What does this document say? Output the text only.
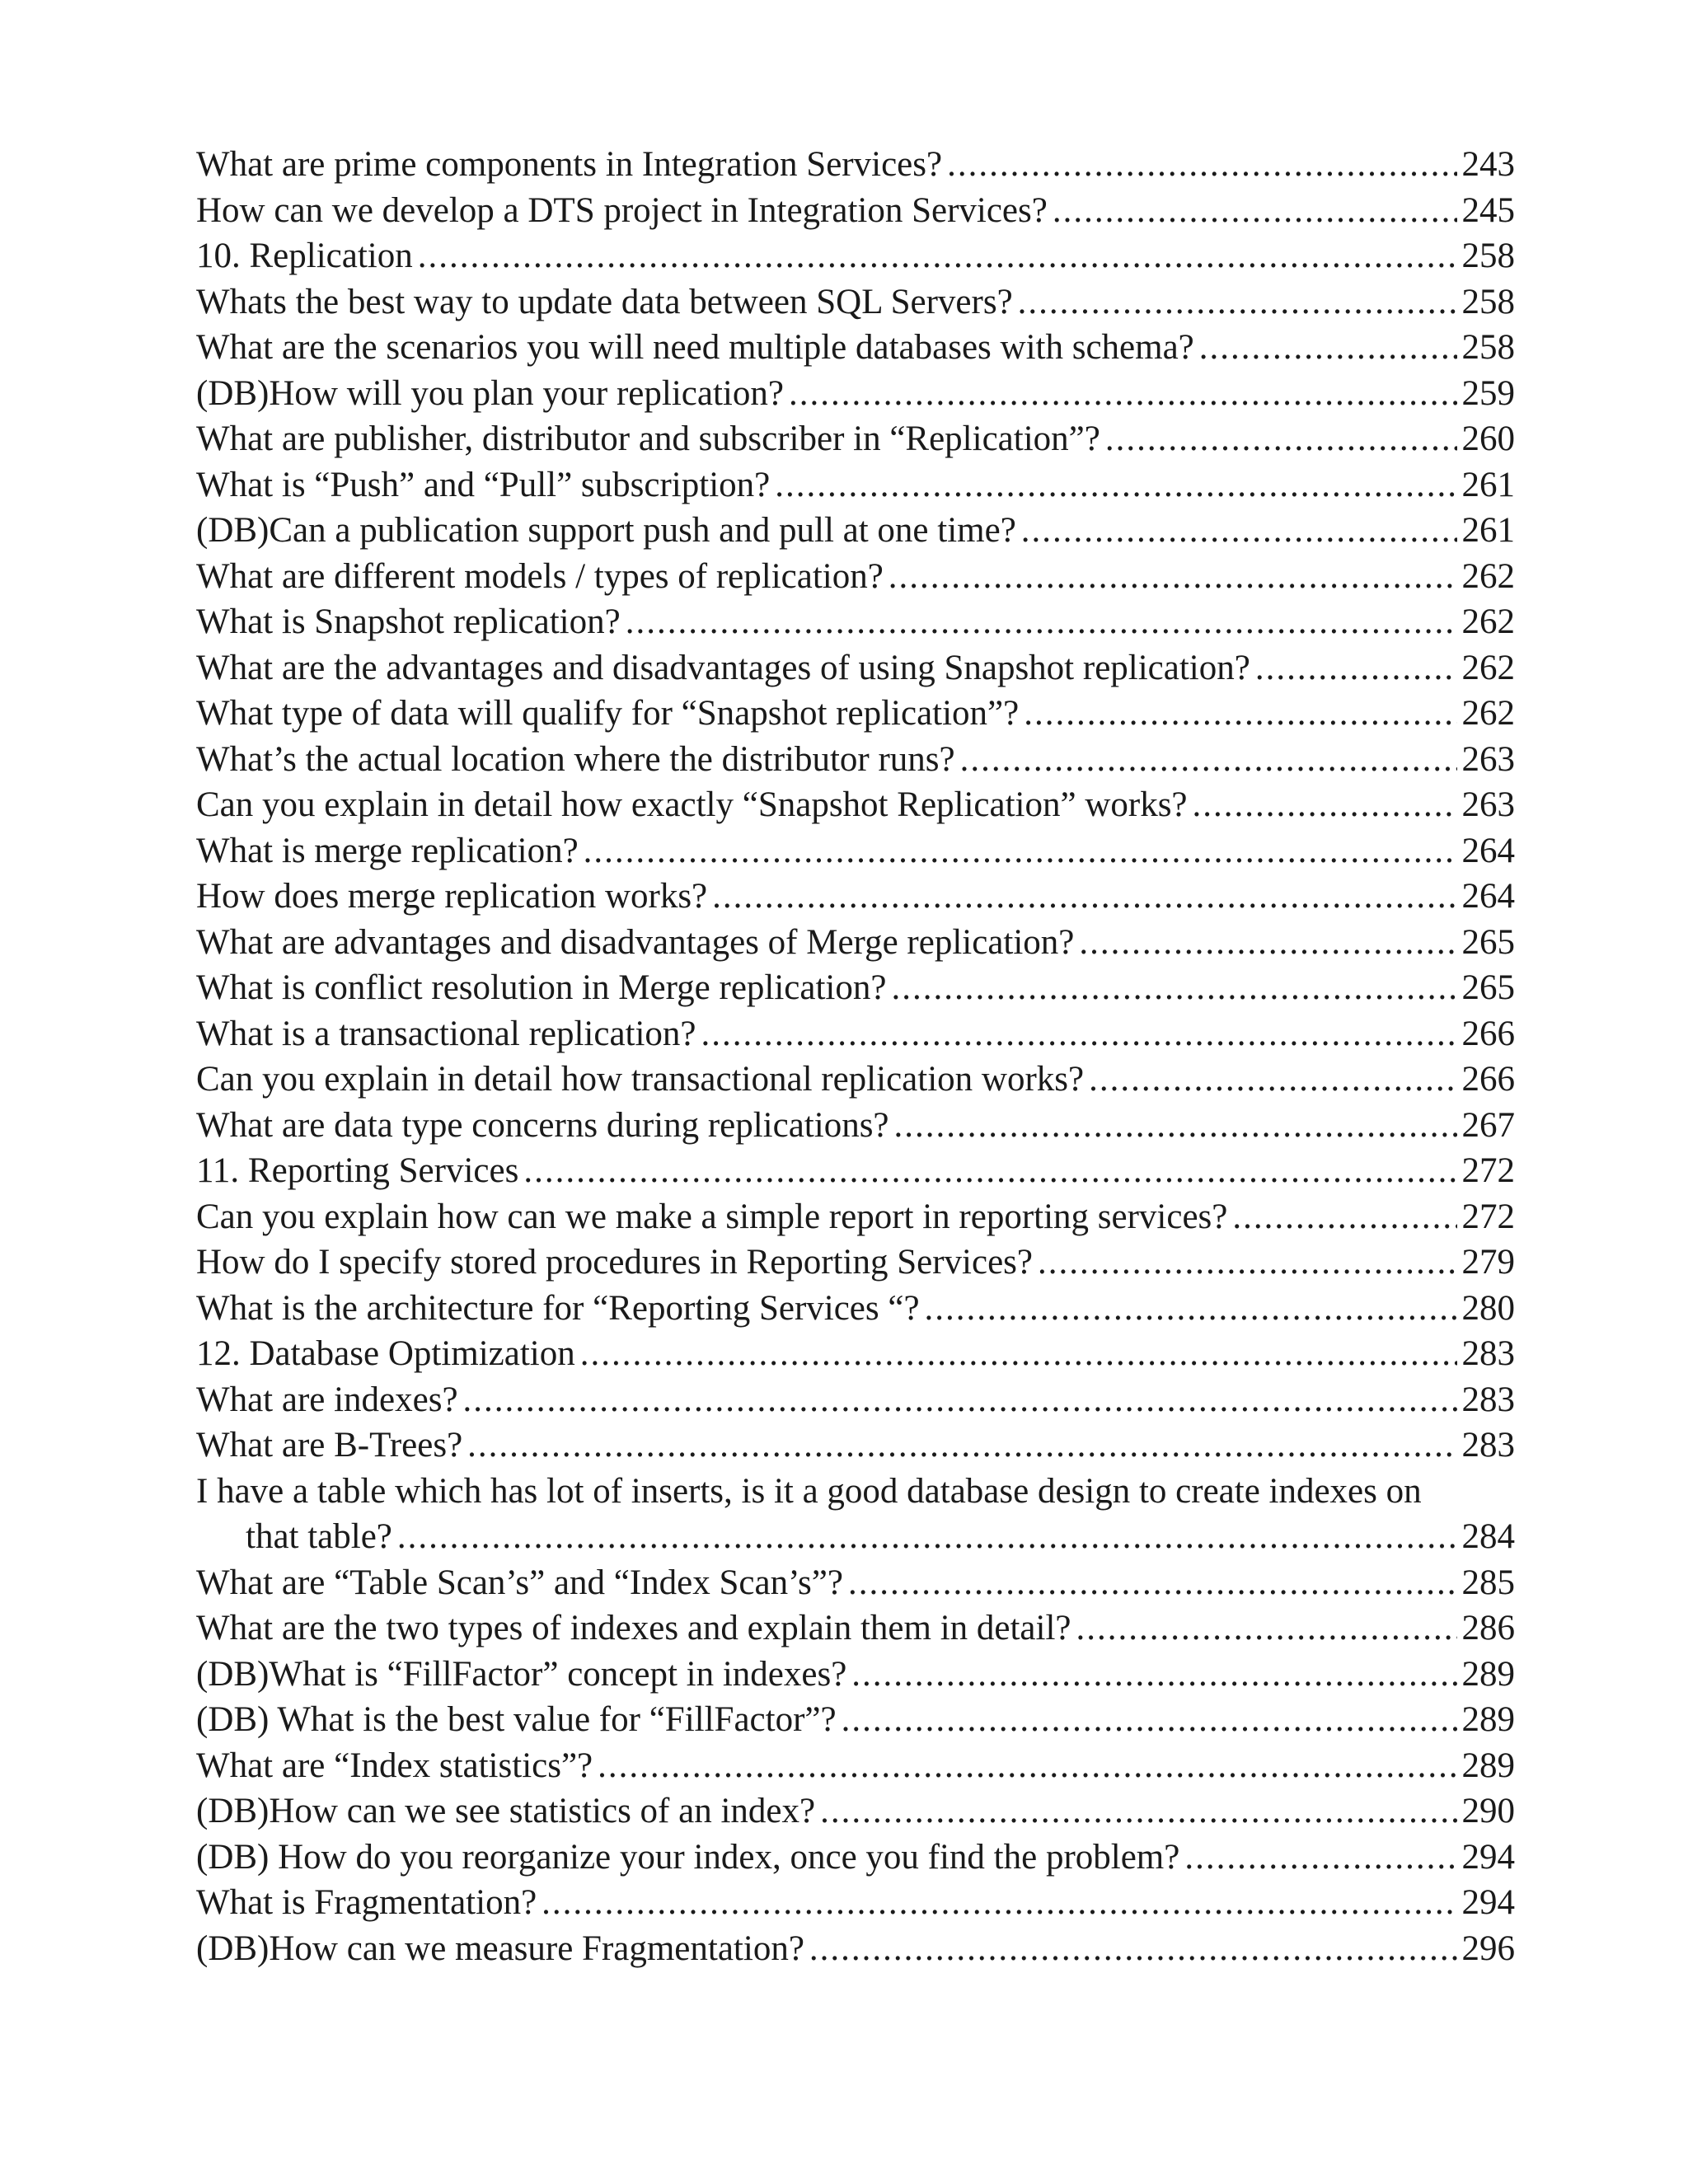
What are prime components in Integration Services? .....	243
How can we develop a DTS project in Integration Services? .....	245
10. Replication .....	258
Whats the best way to update data between SQL Servers? .....	258
What are the scenarios you will need multiple databases with schema? .....	258
(DB)How will you plan your replication? .....	259
What are publisher, distributor and subscriber in “Replication”? .....	260
What is “Push” and “Pull” subscription? .....	261
(DB)Can a publication support push and pull at one time? .....	261
What are different models / types of replication? .....	262
What is Snapshot replication? .....	262
What are the advantages and disadvantages of using Snapshot replication? .....	262
What type of data will qualify for “Snapshot replication”? .....	262
What’s the actual location where the distributor runs? .....	263
Can you explain in detail how exactly “Snapshot Replication” works? .....	263
What is merge replication? .....	264
How does merge replication works? .....	264
What are advantages and disadvantages of Merge replication? .....	265
What is conflict resolution in Merge replication? .....	265
What is a transactional replication? .....	266
Can you explain in detail how transactional replication works? .....	266
What are data type concerns during replications? .....	267
11. Reporting Services .....	272
Can you explain how can we make a simple report in reporting services? .....	272
How do I specify stored procedures in Reporting Services? .....	279
What is the architecture for “Reporting Services “? .....	280
12. Database Optimization .....	283
What are indexes? .....	283
What are B-Trees? .....	283
I have a table which has lot of inserts, is it a good database design to create indexes on
that table? .....	284
What are “Table Scan’s” and “Index Scan’s”? .....	285
What are the two types of indexes and explain them in detail? .....	286
(DB)What is “FillFactor” concept in indexes? .....	289
(DB) What is the best value for “FillFactor”? .....	289
What are “Index statistics”? .....	289
(DB)How can we see statistics of an index? .....	290
(DB) How do you reorganize your index, once you find the problem? .....	294
What is Fragmentation? .....	294
(DB)How can we measure Fragmentation? .....	296
